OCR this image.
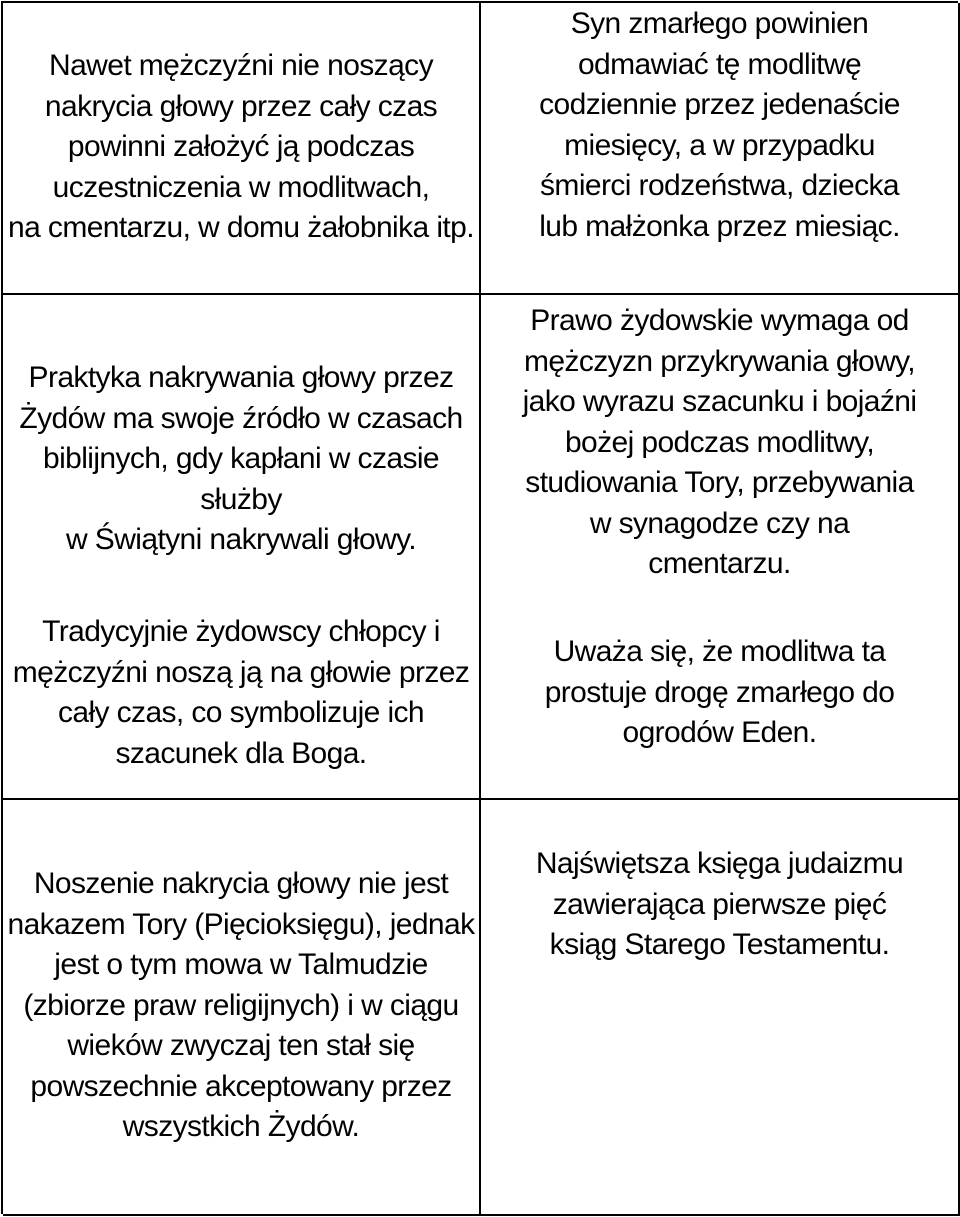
Nawet mężczyźni nie noszący
nakrycia głowy przez cały czas
powinni założyć ją podczas
uczestniczenia w modlitwach,
na cmentarzu, w domu żałobnika itp.
Syn zmarłego powinien
odmawiać tę modlitwę
codziennie przez jedenaście
miesięcy, a w przypadku
śmierci rodzeństwa, dziecka
lub małżonka przez miesiąc.
Praktyka nakrywania głowy przez
Żydów ma swoje źródło w czasach
biblijnych, gdy kapłani w czasie służby
w Świątyni nakrywali głowy.
Tradycyjnie żydowscy chłopcy i
mężczyźni noszą ją na głowie przez
cały czas, co symbolizuje ich
szacunek dla Boga.
Prawo żydowskie wymaga od
mężczyzn przykrywania głowy,
jako wyrazu szacunku i bojaźni
bożej podczas modlitwy,
studiowania Tory, przebywania
w synagodze czy na
cmentarzu.
Uważa się, że modlitwa ta
prostuje drogę zmarłego do
ogrodów Eden.
Noszenie nakrycia głowy nie jest
nakazem Tory (Pięcioksięgu), jednak
jest o tym mowa w Talmudzie
(zbiorze praw religijnych) i w ciągu
wieków zwyczaj ten stał się
powszechnie akceptowany przez
wszystkich Żydów.
Najświętsza księga judaizmu
zawierająca pierwsze pięć
ksiąg Starego Testamentu.
